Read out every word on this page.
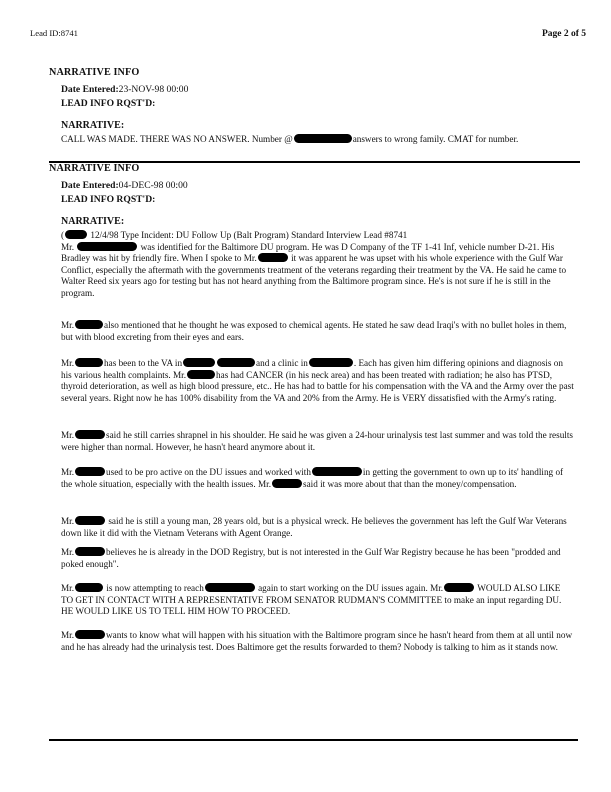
Lead ID:8741	Page 2 of 5
NARRATIVE INFO
Date Entered:23-NOV-98 00:00
LEAD INFO RQST'D:
NARRATIVE:
CALL WAS MADE. THERE WAS NO ANSWER. Number @	answers to wrong family. CMAT for number.
NARRATIVE INFO
Date Entered:04-DEC-98 00:00
LEAD INFO RQST'D:
NARRATIVE:
(	12/4/98 Type Incident: DU Follow Up (Balt Program) Standard Interview Lead #8741
Mr.	was identified for the Baltimore DU program. He was D Company of the TF 1-41 Inf, vehicle number D-21. His Bradley was hit by friendly fire. When I spoke to Mr.	it was apparent he was upset with his whole experience with the Gulf War Conflict, especially the aftermath with the governments treatment of the veterans regarding their treatment by the VA. He said he came to Walter Reed six years ago for testing but has not heard anything from the Baltimore program since. He's is not sure if he is still in the program.
Mr.	also mentioned that he thought he was exposed to chemical agents. He stated he saw dead Iraqi's with no bullet holes in them, but with blood excreting from their eyes and ears.
Mr.	has been to the VA in	and a clinic in	. Each has given him differing opinions and diagnosis on his various health complaints. Mr.	has had CANCER (in his neck area) and has been treated with radiation; he also has PTSD, thyroid deterioration, as well as high blood pressure, etc.. He has had to battle for his compensation with the VA and the Army over the past several years. Right now he has 100% disability from the VA and 20% from the Army. He is VERY dissatisfied with the Army's rating.
Mr.	said he still carries shrapnel in his shoulder. He said he was given a 24-hour urinalysis test last summer and was told the results were higher than normal. However, he hasn't heard anymore about it.
Mr.	used to be pro active on the DU issues and worked with	in getting the government to own up to its' handling of the whole situation, especially with the health issues. Mr.	said it was more about that than the money/compensation.
Mr.	said he is still a young man, 28 years old, but is a physical wreck. He believes the government has left the Gulf War Veterans down like it did with the Vietnam Veterans with Agent Orange.
Mr.	believes he is already in the DOD Registry, but is not interested in the Gulf War Registry because he has been "prodded and poked enough".
Mr.	is now attempting to reach	again to start working on the DU issues again. Mr.	WOULD ALSO LIKE TO GET IN CONTACT WITH A REPRESENTATIVE FROM SENATOR RUDMAN'S COMMITTEE to make an input regarding DU. HE WOULD LIKE US TO TELL HIM HOW TO PROCEED.
Mr.	wants to know what will happen with his situation with the Baltimore program since he hasn't heard from them at all until now and he has already had the urinalysis test. Does Baltimore get the results forwarded to them? Nobody is talking to him as it stands now.
